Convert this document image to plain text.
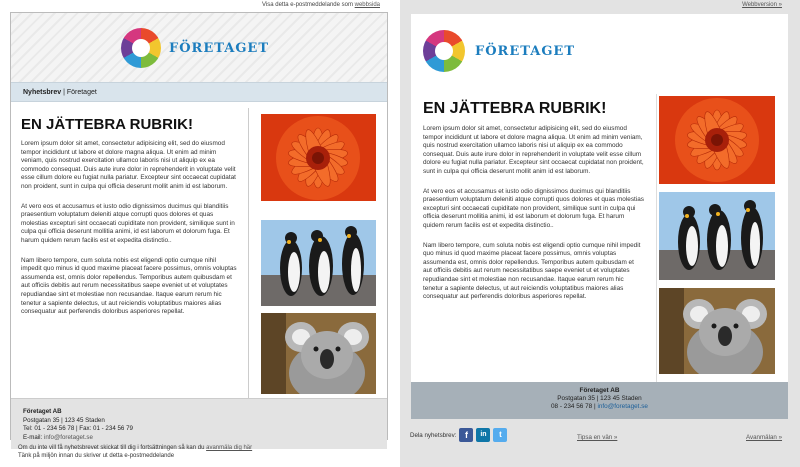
Visa detta e-postmeddelande som webbsida
FÖRETAGET
Nyhetsbrev | Företaget
EN JÄTTEBRA RUBRIK!

Lorem ipsum dolor sit amet, consectetur adipisicing elit, sed do eiusmod tempor incididunt ut labore et dolore magna aliqua. Ut enim ad minim veniam, quis nostrud exercitation ullamco laboris nisi ut aliquip ex ea commodo consequat. Duis aute irure dolor in reprehenderit in voluptate velit esse cillum dolore eu fugiat nulla pariatur. Excepteur sint occaecat cupidatat non proident, sunt in culpa qui officia deserunt mollit anim id est laborum.

At vero eos et accusamus et iusto odio dignissimos ducimus qui blanditiis praesentium voluptatum deleniti atque corrupti quos dolores et quas molestias excepturi sint occaecati cupiditate non provident, similique sunt in culpa qui officia deserunt mollitia animi, id est laborum et dolorum fuga. Et harum quidem rerum facilis est et expedita distinctio..

Nam libero tempore, cum soluta nobis est eligendi optio cumque nihil impedit quo minus id quod maxime placeat facere possimus, omnis voluptas assumenda est, omnis dolor repellendus. Temporibus autem quibusdam et aut officiis debitis aut rerum necessitatibus saepe eveniet ut et voluptates repudiandae sint et molestiae non recusandae. Itaque earum rerum hic tenetur a sapiente delectus, ut aut reiciendis voluptatibus maiores alias consequatur aut perferendis doloribus asperiores repellat.

Företaget AB
Postgatan 35 | 123 45 Staden
Tel: 01 - 234 56 78 | Fax: 01 - 234 56 79
E-mail: info@foretaget.se
Om du inte vill få nyhetsbrevet skickat till dig i fortsättningen så kan du avanmäla dig här
Tänk på miljön innan du skriver ut detta e-postmeddelande
Webbversion »
FÖRETAGET
EN JÄTTEBRA RUBRIK!

Lorem ipsum dolor sit amet, consectetur adipisicing elit, sed do eiusmod tempor incididunt ut labore et dolore magna aliqua. Ut enim ad minim veniam, quis nostrud exercitation ullamco laboris nisi ut aliquip ex ea commodo consequat. Duis aute irure dolor in reprehenderit in voluptate velit esse cillum dolore eu fugiat nulla pariatur. Excepteur sint occaecat cupidatat non proident, sunt in culpa qui officia deserunt mollit anim id est laborum.

At vero eos et accusamus et iusto odio dignissimos ducimus qui blanditiis praesentium voluptatum deleniti atque corrupti quos dolores et quas molestias excepturi sint occaecati cupiditate non provident, similique sunt in culpa qui officia deserunt mollitia animi, id est laborum et dolorum fuga. Et harum quidem rerum facilis est et expedita distinctio..

Nam libero tempore, cum soluta nobis est eligendi optio cumque nihil impedit quo minus id quod maxime placeat facere possimus, omnis voluptas assumenda est, omnis dolor repellendus. Temporibus autem quibusdam et aut officiis debitis aut rerum necessitatibus saepe eveniet ut et voluptates repudiandae sint et molestiae non recusandae. Itaque earum rerum hic tenetur a sapiente delectus, ut aut reiciendis voluptatibus maiores alias consequatur aut perferendis doloribus asperiores repellat.

Företaget AB
Postgatan 35 | 123 45 Staden
08 - 234 56 78 | info@foretaget.se
Dela nyhetsbrev: f	in	t	Tipsa en vän »	Avanmälan »
